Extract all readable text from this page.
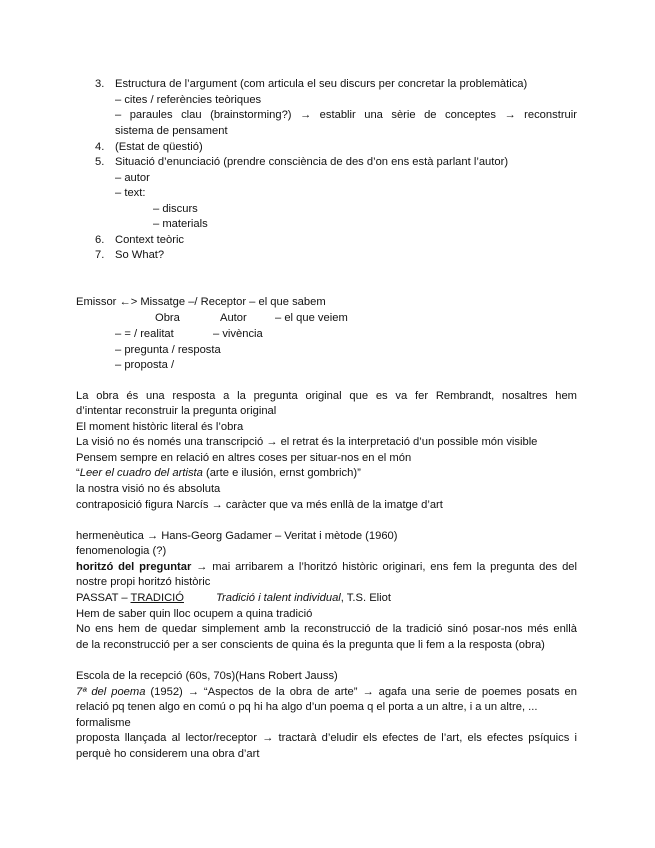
3. Estructura de l’argument (com articula el seu discurs per concretar la problemàtica)
– cites / referències teòriques
– paraules clau (brainstorming?) → establir una sèrie de conceptes → reconstruir
sistema de pensament
4. (Estat de qüestió)
5. Situació d’enunciació (prendre consciència de des d’on ens està parlant l’autor)
– autor
– text:
– discurs
– materials
6. Context teòric
7. So What?
Emissor ←> Missatge –/ Receptor – el que sabem
Obra	Autor	– el que veiem
– = / realitat	– vivència
– pregunta / resposta
– proposta /
La obra és una resposta a la pregunta original que es va fer Rembrandt, nosaltres hem
d’intentar reconstruir la pregunta original
El moment històric literal és l’obra
La visió no és només una transcripció → el retrat és la interpretació d’un possible món visible
Pensem sempre en relació en altres coses per situar-nos en el món
“Leer el cuadro del artista (arte e ilusión, ernst gombrich)”
la nostra visió no és absoluta
contraposició figura Narcís → caràcter que va més enllà de la imatge d’art
hermenèutica → Hans-Georg Gadamer – Veritat i mètode (1960)
fenomenologia (?)
horitzó del preguntar → mai arribarem a l’horitzó històric originari, ens fem la pregunta des del
nostre propi horitzó històric
PASSAT – TRADICIÓ	Tradició i talent individual, T.S. Eliot
Hem de saber quin lloc ocupem a quina tradició
No ens hem de quedar simplement amb la reconstrucció de la tradició sinó posar-nos més enllà
de la reconstrucció per a ser conscients de quina és la pregunta que li fem a la resposta (obra)
Escola de la recepció (60s, 70s)(Hans Robert Jauss)
7ª del poema (1952) → “Aspectos de la obra de arte” → agafa una serie de poemes posats en
relació pq tenen algo en comú o pq hi ha algo d’un poema q el porta a un altre, i a un altre, ...
formalisme
proposta llançada al lector/receptor → tractarà d’eludir els efectes de l’art, els efectes psíquics i
perquè ho considerem una obra d’art
